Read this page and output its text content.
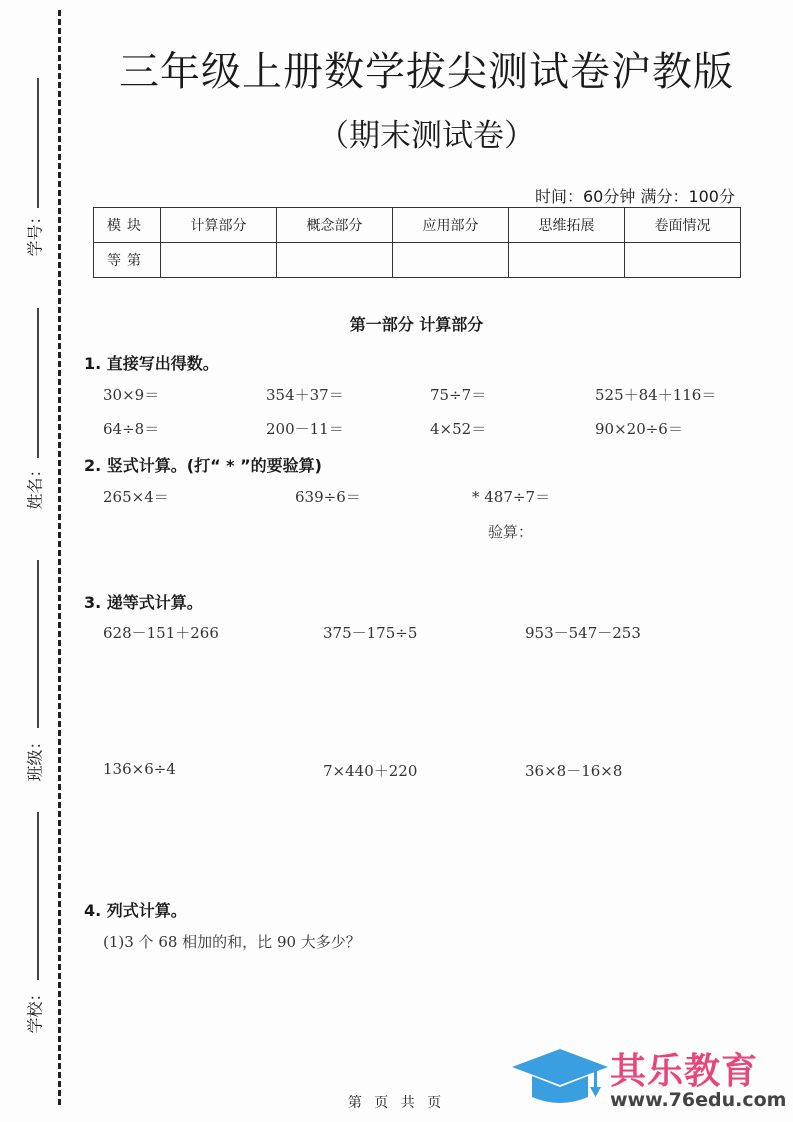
学号：
姓名：
班级：
学校：
三年级上册数学拔尖测试卷沪教版
（期末测试卷）
时间：60分钟 满分：100分
模块	计算部分	概念部分	应用部分	思维拓展	卷面情况
等第					
第一部分 计算部分
1. 直接写出得数。
30×9＝	354＋37＝	75÷7＝	525＋84＋116＝
64÷8＝	200－11＝	4×52＝	90×20÷6＝
2. 竖式计算。(打“ * ”的要验算)
265×4＝	639÷6＝	* 487÷7＝
验算：
3. 递等式计算。
628－151＋266	375－175÷5	953－547－253
136×6÷4	7×440＋220	36×8－16×8
4. 列式计算。
(1)3 个 68 相加的和，比 90 大多少？
第 页 共 页
其乐教育
www.76edu.com
